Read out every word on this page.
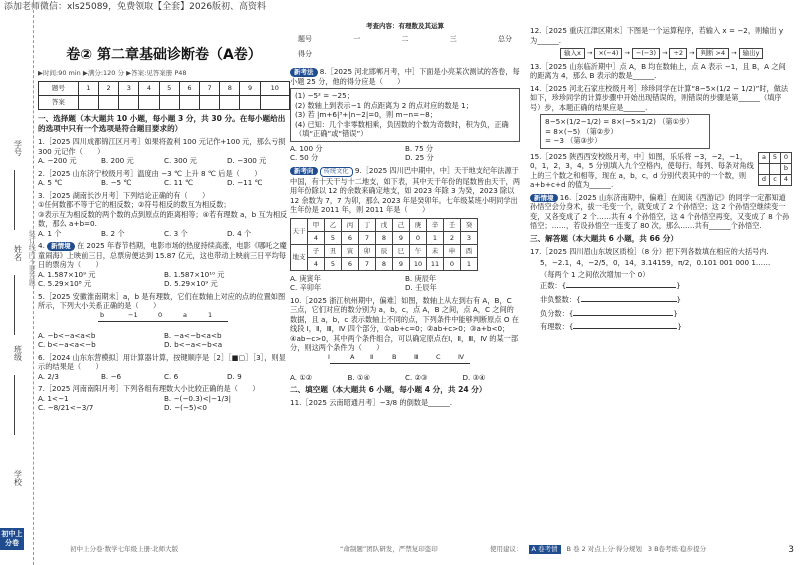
添加老师微信：xls25089，免费领取【全套】2026版初、高资料
学号
姓名
班级
学校
装订线内不要答题
初中上分卷
卷② 第二章基础诊断卷（A卷）
▶时间:90 min ▶满分:120 分 ▶答案:见答案册 P48
题号	1	2	3	4	5	6	7	8	9	10
答案										
一、选择题（本大题共 10 小题，每小题 3 分，共 30 分。在每小题给出的选项中只有一个选项是符合题目要求的）
1.［2025 四川成都锦江区月考］如果将盈利 100 元记作+100 元，那么亏损 300 元记作（　　）
A. −200 元	B. 200 元	C. 300 元	D. −300 元
2.［2025 山东济宁校级月考］温度由 −3 ℃ 上升 8 ℃ 后是（　　）
A. 5 ℃	B. −5 ℃	C. 11 ℃	D. −11 ℃
3.［2025 湖南长沙月考］下列结论正确的有（　　）
①任何数都不等于它的相反数；②符号相反的数互为相反数；
③表示互为相反数的两个数的点到原点的距离相等；④若有理数 a，b 互为相反数，那么 a+b=0.
A. 1 个	B. 2 个	C. 3 个	D. 4 个
4. 新情境 在 2025 年春节档期，电影市场的热度持续高涨，电影《哪吒之魔童闹海》上映前三日，总票房便达到 15.87 亿元，这也带动上映前三日平均每日的票房为（　　）
A. 1.587×10⁹ 元	B. 1.587×10¹⁰ 元
C. 5.29×10⁸ 元	D. 5.29×10⁹ 元
5.［2025 安徽淮南期末］a，b 是有理数，它们在数轴上对应的点的位置如图所示，下列大小关系正确的是（　　）
b	−1	0	a	1
A. −b<−a<a<b	B. −a<−b<a<b
C. b<−a<a<−b	D. b<−a<−b<a
6.［2024 山东东营模拟］用计算器计算，按键顺序是［2］［■▢］［3］，则显示的结果是（　　）
A. 2/3	B. −6	C. 6	D. 9
7.［2025 河南南阳月考］下列各组有理数大小比较正确的是（　　）
A. 1<−1	B. −(−0.3)<|−1/3|
C. −8/21<−3/7	D. −(−5)<0
初中上分卷·数学七年级上册·北师大版
考查内容：有理数及其运算
题号	一	二	三	总分
得分
新考法 8.［2025 河北邯郸月考，中］下面是小亮某次测试的答卷，每小题 25 分，他的得分应是（　　）
(1) −5² = −25；
(2) 数轴上到表示−1 的点距离为 2 的点对应的数是 1；
(3) 若 |m+6|³+|n−2|=0，则 m−n=−8；
(4) 已知：几个非零数相乘，负因数的个数为奇数时，积为负，正确（填“正确”或“错误”）
A. 100 分	B. 75 分
C. 50 分	D. 25 分
新考向 传统文化 9.［2025 四川巴中期中，中］天干地支纪年法源于中国，有十天干与十二地支，如下表，其中天干年份的尾数皆由天干，两用年份除以 12 的余数来确定地支，如 2023 年除 3 为癸，2023 除以 12 余数为 7，7 为卯，那么 2023 年是癸卯年。七年级某班小明同学出生年份是 2011 年，则 2011 年是（　　）
天干	甲	乙	丙	丁	戊	己	庚	辛	壬	癸
	4	5	6	7	8	9	0	1	2	3
地支	子	丑	寅	卯	辰	巳	午	未	申	酉
	4	5	6	7	8	9	10	11	0	1
A. 庚寅年	B. 庚辰年
C. 辛卯年	D. 壬辰年
10.［2025 浙江杭州期中，偏难］如图，数轴上从左到右有 A，B，C 三点，它们对应的数分别为 a，b，c，点 A，B 之间，点 A，C 之间的数据，且 a，b，c 表示数轴上不同的点，下列条件中能够判断原点 O 在线段 Ⅰ，Ⅱ，Ⅲ，Ⅳ 四个部分，①ab+c=0；②ab+c>0；③a+b<0；④ab−c>0，其中两个条件组合，可以确定原点在Ⅰ，Ⅱ，Ⅲ，Ⅳ 的某一部分，则这两个条件为（　　）
Ⅰ	A Ⅱ	B	Ⅲ	C	Ⅳ
A. ①②	B. ①④	C. ②③	D. ③④
二、填空题（本大题共 6 小题，每小题 4 分，共 24 分）
11.［2025 云南昭通月考］−3/8 的倒数是______.
“命制题”团队研发，严禁复印盗印
12.［2025 重庆江津区期末］下图是一个运算程序，若输入 x = −2，则输出 y 为______.
输入x → ×(−4) → −(−3) → ÷2 → 判断 >4 → 输出y
13.［2025 山东临沂期中］点 A，B 均在数轴上，点 A 表示 −1，且 B，A 之间的距离为 4，那么 B 表示的数是______.
14.［2025 河北石家庄校级月考］珍珍同学在计算“8−5×(1/2 − 1/2)”时，做法如下，珍珍同学的计算步骤中开始出现错误的，则错误的步骤是第______（填序号）步，本题正确的结果应是______.
8−5×(1/2−1/2) = 8×(−5×1/2) （第①步）
= 8×(−5) （第②步）
= −3 （第③步）
15.［2025 陕西西安校级月考，中］如图，乐乐将 −3，−2，−1，0，1，2，3，4，5 分别填入九个空格内，使每行、每列、每条对角线上的三个数之和相等，现在 a，b，c，d 分别代表其中的一个数，则 a+b+c+d 的值为______.
a	5	0
		b
d	c	4
新情境 16.［2025 山东济南期中，偏难］在阅读《西游记》的同学一定都知道孙悟空会分身术，拔一毛变一个，就变成了 2 个孙悟空；这 2 个孙悟空继续变一变，又各变成了 2 个……共有 4 个孙悟空，这 4 个孙悟空再变，又变成了 8 个孙悟空；……，若设孙悟空一连变了 80 次，那么……共有______个孙悟空.
三、解答题（本大题共 6 小题，共 66 分）
17.［2025 四川眉山东坡区质检］（8 分）把下列各数填在相应的大括号内.
5，−2.1，4，−2/5，0，14，3.14159，π/2，0.101 001 000 1……
（每两个 1 之间依次增加一个 0）
正数：{	}
非负整数：{	}
负分数：{	}
有理数：{	}
使用建议：	A 卷考情	B 卷 2 对点上分·得分规划 3 B卷考练·稳步提分	3
